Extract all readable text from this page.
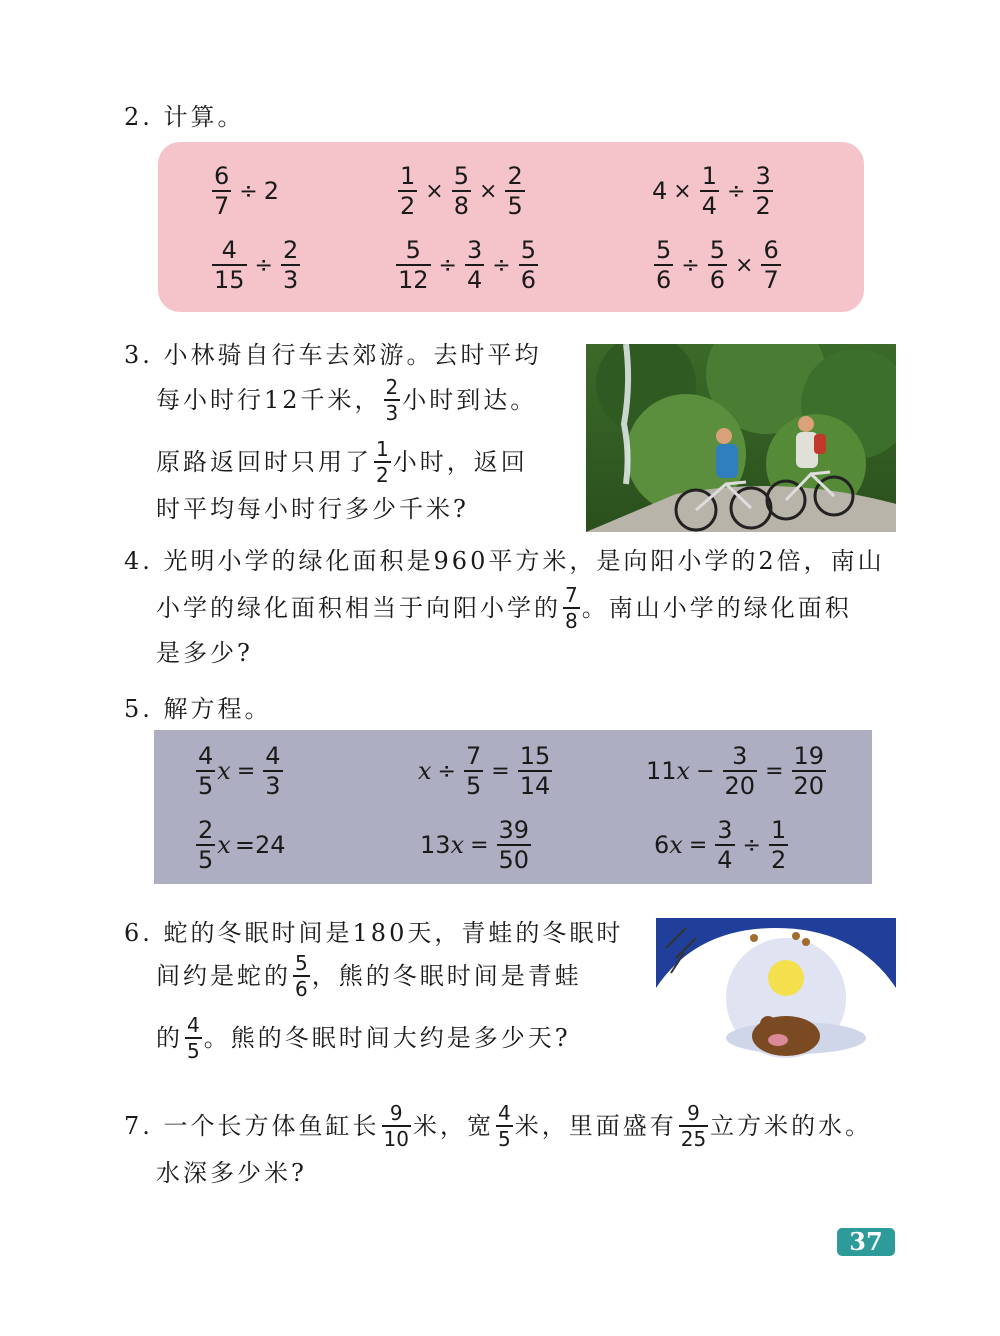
2. 计算。
$\frac{6}{7} \div 2$	$\frac{1}{2} \times \frac{5}{8} \times \frac{2}{5}$	$4 \times \frac{1}{4} \div \frac{3}{2}$
$\frac{4}{15} \div \frac{2}{3}$	$\frac{5}{12} \div \frac{3}{4} \div \frac{5}{6}$	$\frac{5}{6} \div \frac{5}{6} \times \frac{6}{7}$
3. 小林骑自行车去郊游。去时平均
每小时行12千米， $\frac{2}{3}$ 小时到达。
原路返回时只用了 $\frac{1}{2}$ 小时，返回
时平均每小时行多少千米?
4. 光明小学的绿化面积是960平方米，是向阳小学的2倍，南山
小学的绿化面积相当于向阳小学的 $\frac{7}{8}$ 。南山小学的绿化面积
是多少?
5. 解方程。
$\frac{4}{5}$ $x = \frac{4}{3}$	$x \div \frac{7}{5} = \frac{15}{14}$	11 $x - \frac{3}{20} = \frac{19}{20}$
$\frac{2}{5}$ x =24	13 $x = \frac{39}{50}$	6 $x = \frac{3}{4} \div \frac{1}{2}$
6. 蛇的冬眠时间是180天，青蛙的冬眠时
间约是蛇的 $\frac{5}{6}$ ，熊的冬眠时间是青蛙
的 $\frac{4}{5}$ 。熊的冬眠时间大约是多少天?
7. 一个长方体鱼缸长 $\frac{9}{10}$ 米，宽 $\frac{4}{5}$ 米，里面盛有 $\frac{9}{25}$ 立方米的水。
水深多少米?
37
